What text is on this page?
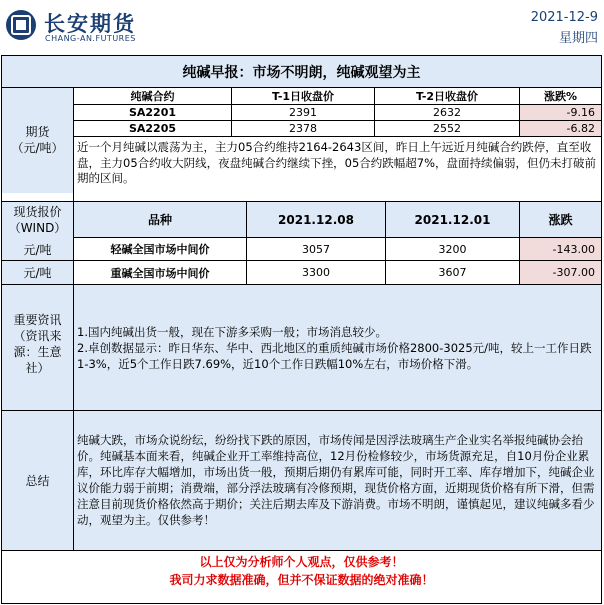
长安期货
CHANG-AN.FUTURES
2021-12-9
星期四
纯碱早报：市场不明朗，纯碱观望为主
期货
（元/吨）
纯碱合约	T-1日收盘价	T-2日收盘价	涨跌%
SA2201	2391	2632	-9.16
SA2205	2378	2552	-6.82
近一个月纯碱以震荡为主，主力05合约维持2164-2643区间，昨日上午远近月纯碱合约跌停，直至收盘，主力05合约收大阴线，夜盘纯碱合约继续下挫，05合约跌幅超7%，盘面持续偏弱，但仍未打破前期的区间。
现货报价
（WIND）
品种	2021.12.08	2021.12.01	涨跌
元/吨	轻碱全国市场中间价	3057	3200	-143.00
元/吨	重碱全国市场中间价	3300	3607	-307.00
重要资讯
（资讯来
源：生意
社）
1.国内纯碱出货一般，现在下游多采购一般；市场消息较少。
2.卓创数据显示：昨日华东、华中、西北地区的重质纯碱市场价格2800-3025元/吨，较上一工作日跌1-3%，近5个工作日跌7.69%，近10个工作日跌幅10%左右，市场价格下滑。
总结
纯碱大跌，市场众说纷纭，纷纷找下跌的原因，市场传闻是因浮法玻璃生产企业实名举报纯碱协会抬价。纯碱基本面来看，纯碱企业开工率维持高位，12月份检修较少，市场货源充足，自10月份企业累库，环比库存大幅增加，市场出货一般，预期后期仍有累库可能，同时开工率、库存增加下，纯碱企业议价能力弱于前期；消费端，部分浮法玻璃有冷修预期，现货价格方面，近期现货价格有所下滑，但需注意目前现货价格依然高于期价；关注后期去库及下游消费。市场不明朗，谨慎起见，建议纯碱多看少动，观望为主。仅供参考！
以上仅为分析师个人观点，仅供参考！
我司力求数据准确，但并不保证数据的绝对准确！
